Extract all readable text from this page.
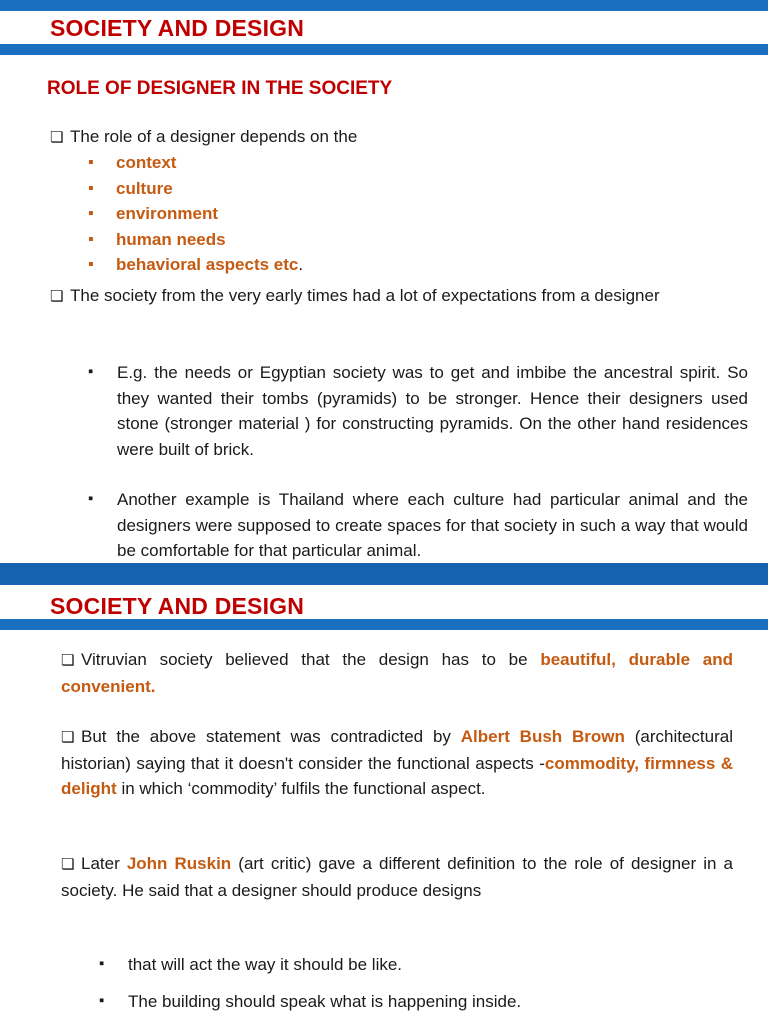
SOCIETY AND DESIGN
ROLE OF DESIGNER IN THE SOCIETY

❏ The role of a designer depends on the

▪ context
▪ culture
▪ environment
▪ human needs
▪ behavioral aspects etc.

❏ The society from the very early times had a lot of expectations from a designer

▪ E.g. the needs or Egyptian society was to get and imbibe the ancestral spirit. So they wanted their tombs (pyramids) to be stronger. Hence their designers used stone (stronger material ) for constructing pyramids. On the other hand residences were built of brick.

▪ Another example is Thailand where each culture had particular animal and the designers were supposed to create spaces for that society in such a way that would be comfortable for that particular animal.

SOCIETY AND DESIGN

❏ Vitruvian society believed that the design has to be beautiful, durable and convenient.

❏ But the above statement was contradicted by Albert Bush Brown (architectural historian) saying that it doesn't consider the functional aspects -commodity, firmness & delight in which ‘commodity’ fulfils the functional aspect.

❏ Later John Ruskin (art critic) gave a different definition to the role of designer in a society. He said that a designer should produce designs

▪ that will act the way it should be like.

▪ The building should speak what is happening inside.
